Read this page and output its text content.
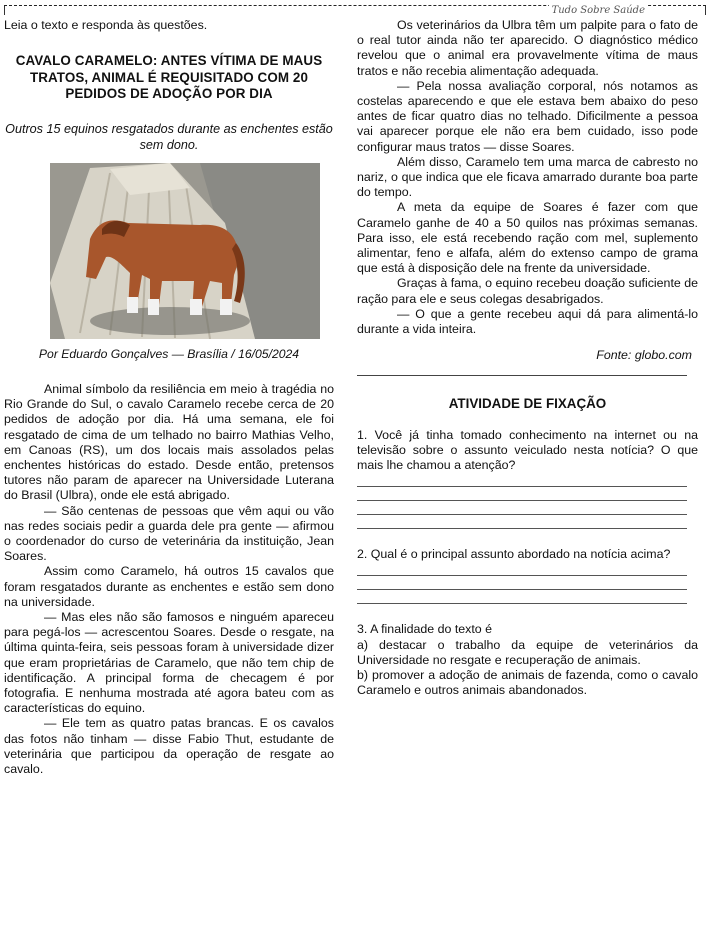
Tudo Sobre Saúde

Leia o texto e responda às questões.

CAVALO CARAMELO: ANTES VÍTIMA DE MAUS TRATOS, ANIMAL É REQUISITADO COM 20 PEDIDOS DE ADOÇÃO POR DIA
Outros 15 equinos resgatados durante as enchentes estão sem dono.
Por Eduardo Gonçalves — Brasília / 16/05/2024

Animal símbolo da resiliência em meio à tragédia no Rio Grande do Sul, o cavalo Caramelo recebe cerca de 20 pedidos de adoção por dia. Há uma semana, ele foi resgatado de cima de um telhado no bairro Mathias Velho, em Canoas (RS), um dos locais mais assolados pelas enchentes históricas do estado. Desde então, pretensos tutores não param de aparecer na Universidade Luterana do Brasil (Ulbra), onde ele está abrigado.

— São centenas de pessoas que vêm aqui ou vão nas redes sociais pedir a guarda dele pra gente — afirmou o coordenador do curso de veterinária da instituição, Jean Soares.

Assim como Caramelo, há outros 15 cavalos que foram resgatados durante as enchentes e estão sem dono na universidade.

— Mas eles não são famosos e ninguém apareceu para pegá-los — acrescentou Soares. Desde o resgate, na última quinta-feira, seis pessoas foram à universidade dizer que eram proprietárias de Caramelo, que não tem chip de identificação. A principal forma de checagem é por fotografia. E nenhuma mostrada até agora bateu com as características do equino.

— Ele tem as quatro patas brancas. E os cavalos das fotos não tinham — disse Fabio Thut, estudante de veterinária que participou da operação de resgate ao cavalo.

Os veterinários da Ulbra têm um palpite para o fato de o real tutor ainda não ter aparecido. O diagnóstico médico revelou que o animal era provavelmente vítima de maus tratos e não recebia alimentação adequada.

— Pela nossa avaliação corporal, nós notamos as costelas aparecendo e que ele estava bem abaixo do peso antes de ficar quatro dias no telhado. Dificilmente a pessoa vai aparecer porque ele não era bem cuidado, isso pode configurar maus tratos — disse Soares.

Além disso, Caramelo tem uma marca de cabresto no nariz, o que indica que ele ficava amarrado durante boa parte do tempo.

A meta da equipe de Soares é fazer com que Caramelo ganhe de 40 a 50 quilos nas próximas semanas. Para isso, ele está recebendo ração com mel, suplemento alimentar, feno e alfafa, além do extenso campo de grama que está à disposição dele na frente da universidade.

Graças à fama, o equino recebeu doação suficiente de ração para ele e seus colegas desabrigados.

— O que a gente recebeu aqui dá para alimentá-lo durante a vida inteira.

Fonte: globo.com
ATIVIDADE DE FIXAÇÃO

1. Você já tinha tomado conhecimento na internet ou na televisão sobre o assunto veiculado nesta notícia? O que mais lhe chamou a atenção?

2. Qual é o principal assunto abordado na notícia acima?

3. A finalidade do texto é

a) destacar o trabalho da equipe de veterinários da Universidade no resgate e recuperação de animais.

b) promover a adoção de animais de fazenda, como o cavalo Caramelo e outros animais abandonados.
